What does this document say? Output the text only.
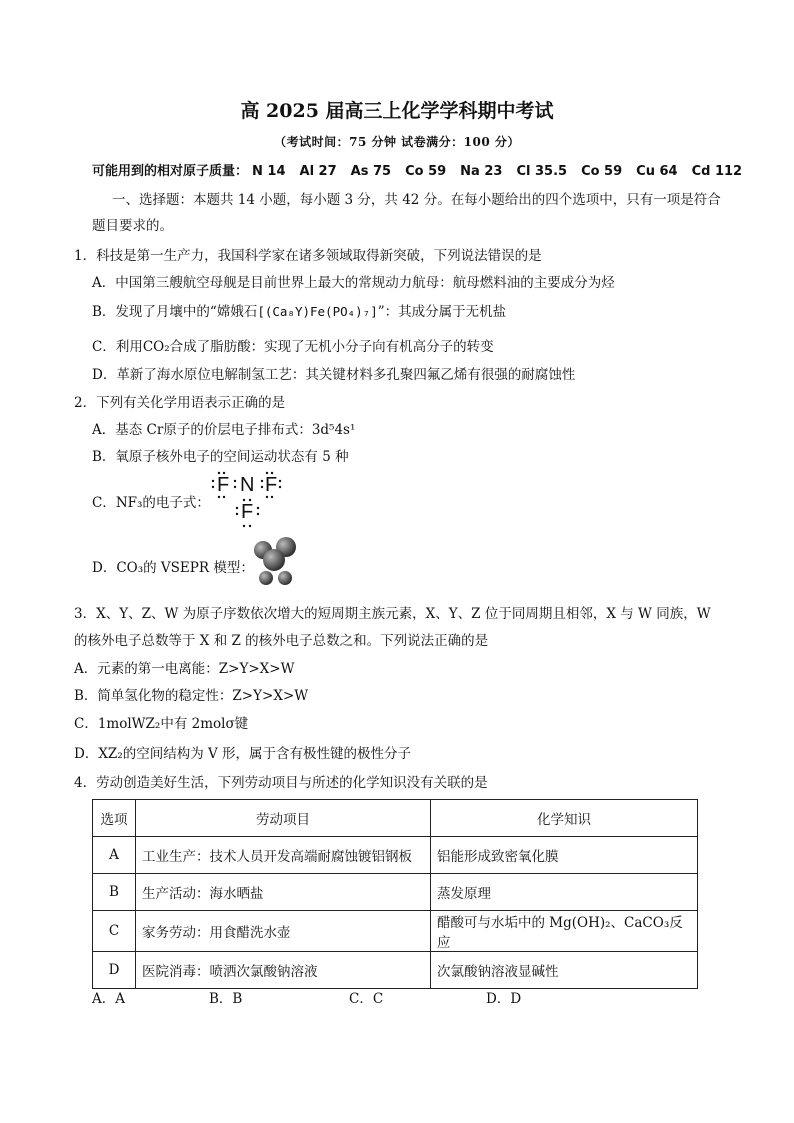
高 2025 届高三上化学学科期中考试
（考试时间：75 分钟 试卷满分：100 分）
可能用到的相对原子质量： N 14 Al 27 As 75 Co 59 Na 23 Cl 35.5 Co 59 Cu 64 Cd 112
一、选择题：本题共 14 小题，每小题 3 分，共 42 分。在每小题给出的四个选项中，只有一项是符合
题目要求的。
1．科技是第一生产力，我国科学家在诸多领域取得新突破，下列说法错误的是
A．中国第三艘航空母舰是目前世界上最大的常规动力航母：航母燃料油的主要成分为烃
B．发现了月壤中的“嫦娥石[(Ca₈Y)Fe(PO₄)₇]”：其成分属于无机盐
C．利用CO₂合成了脂肪酸：实现了无机小分子向有机高分子的转变
D．革新了海水原位电解制氢工艺：其关键材料多孔聚四氟乙烯有很强的耐腐蚀性
2．下列有关化学用语表示正确的是
A．基态 Cr原子的价层电子排布式：3d⁵4s¹
B．氧原子核外电子的空间运动状态有 5 种
C．NF₃的电子式：
F N F
F
D．CO₃的 VSEPR 模型：
3．X、Y、Z、W 为原子序数依次增大的短周期主族元素，X、Y、Z 位于同周期且相邻，X 与 W 同族，W
的核外电子总数等于 X 和 Z 的核外电子总数之和。下列说法正确的是
A．元素的第一电离能：Z>Y>X>W
B．简单氢化物的稳定性：Z>Y>X>W
C．1molWZ₂中有 2molσ键
D．XZ₂的空间结构为 V 形，属于含有极性键的极性分子
4．劳动创造美好生活，下列劳动项目与所述的化学知识没有关联的是
选项	劳动项目	化学知识
A	工业生产：技术人员开发高端耐腐蚀镀铝钢板	铝能形成致密氧化膜
B	生产活动：海水晒盐	蒸发原理
C	家务劳动：用食醋洗水壶	醋酸可与水垢中的 Mg(OH)₂、CaCO₃反应
D	医院消毒：喷洒次氯酸钠溶液	次氯酸钠溶液显碱性
A．A	B．B	C．C	D．D
